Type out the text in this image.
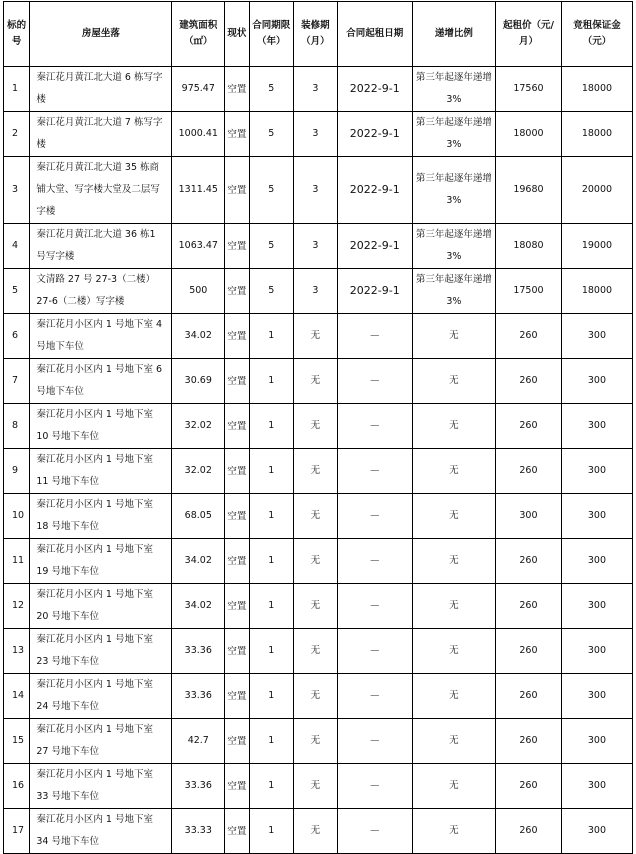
标的号	房屋坐落	建筑面积（㎡）	现状	合同期限（年）	装修期（月）	合同起租日期	递增比例	起租价（元/月）	竞租保证金（元）
1	秦江花月黄江北大道 6 栋写字楼	975.47	空置	5	3	2022-9-1	第三年起逐年递增 3%	17560	18000
2	秦江花月黄江北大道 7 栋写字楼	1000.41	空置	5	3	2022-9-1	第三年起逐年递增 3%	18000	18000
3	秦江花月黄江北大道 35 栋商铺大堂、写字楼大堂及二层写字楼	1311.45	空置	5	3	2022-9-1	第三年起逐年递增 3%	19680	20000
4	秦江花月黄江北大道 36 栋1 号写字楼	1063.47	空置	5	3	2022-9-1	第三年起逐年递增 3%	18080	19000
5	文清路 27 号 27-3（二楼）27-6（二楼）写字楼	500	空置	5	3	2022-9-1	第三年起逐年递增 3%	17500	18000
6	秦江花月小区内 1 号地下室 4 号地下车位	34.02	空置	1	无	－	无	260	300
7	秦江花月小区内 1 号地下室 6 号地下车位	30.69	空置	1	无	－	无	260	300
8	秦江花月小区内 1 号地下室 10 号地下车位	32.02	空置	1	无	－	无	260	300
9	秦江花月小区内 1 号地下室 11 号地下车位	32.02	空置	1	无	－	无	260	300
10	秦江花月小区内 1 号地下室 18 号地下车位	68.05	空置	1	无	－	无	300	300
11	秦江花月小区内 1 号地下室 19 号地下车位	34.02	空置	1	无	－	无	260	300
12	秦江花月小区内 1 号地下室 20 号地下车位	34.02	空置	1	无	－	无	260	300
13	秦江花月小区内 1 号地下室 23 号地下车位	33.36	空置	1	无	－	无	260	300
14	秦江花月小区内 1 号地下室 24 号地下车位	33.36	空置	1	无	－	无	260	300
15	秦江花月小区内 1 号地下室 27 号地下车位	42.7	空置	1	无	－	无	260	300
16	秦江花月小区内 1 号地下室 33 号地下车位	33.36	空置	1	无	－	无	260	300
17	秦江花月小区内 1 号地下室 34 号地下车位	33.33	空置	1	无	－	无	260	300
